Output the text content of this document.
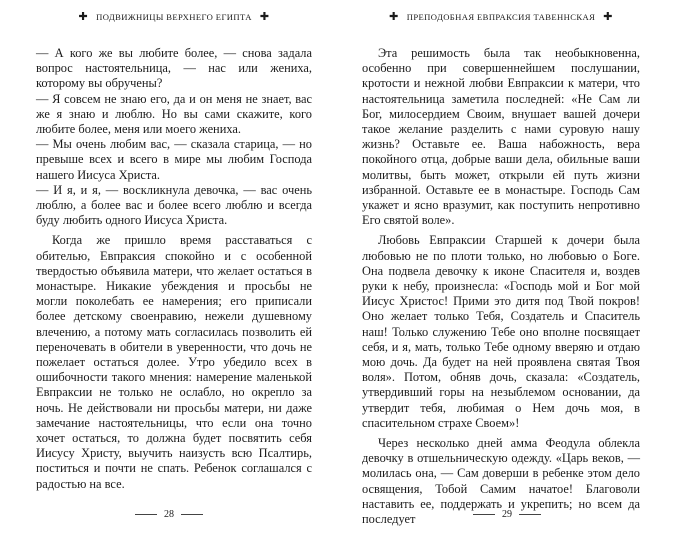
✚ ПОДВИЖНИЦЫ ВЕРХНЕГО ЕГИПТА ✚

— А кого же вы любите более, — снова задала вопрос настоятельница, — нас или жениха, которому вы обручены?

— Я совсем не знаю его, да и он меня не знает, вас же я знаю и люблю. Но вы сами скажите, кого любите более, меня или моего жениха.

— Мы очень любим вас, — сказала старица, — но превыше всех и всего в мире мы любим Господа нашего Иисуса Христа.

— И я, и я, — воскликнула девочка, — вас очень люблю, а более вас и более всего люблю и всегда буду любить одного Иисуса Христа.

Когда же пришло время расставаться с обителью, Евпраксия спокойно и с особенной твердостью объявила матери, что желает остаться в монастыре. Никакие убеждения и просьбы не могли поколебать ее намерения; его приписали более детскому своенравию, нежели душевному влечению, а потому мать согласилась позволить ей переночевать в обители в уверенности, что дочь не пожелает остаться долее. Утро убедило всех в ошибочности такого мнения: намерение маленькой Евпраксии не только не ослабло, но окрепло за ночь. Не действовали ни просьбы матери, ни даже замечание настоятельницы, что если она точно хочет остаться, то должна будет посвятить себя Иисусу Христу, выучить наизусть всю Псалтирь, поститься и почти не спать. Ребенок соглашался с радостью на все.

28
✚ ПРЕПОДОБНАЯ ЕВПРАКСИЯ ТАВЕННСКАЯ ✚

Эта решимость была так необыкновенна, особенно при совершеннейшем послушании, кротости и нежной любви Евпраксии к матери, что настоятельница заметила последней: «Не Сам ли Бог, милосердием Своим, внушает вашей дочери такое желание разделить с нами суровую нашу жизнь? Оставьте ее. Ваша набожность, вера покойного отца, добрые ваши дела, обильные ваши молитвы, быть может, открыли ей путь жизни избранной. Оставьте ее в монастыре. Господь Сам укажет и ясно вразумит, как поступить непротивно Его святой воле».

Любовь Евпраксии Старшей к дочери была любовью не по плоти только, но любовью о Боге. Она подвела девочку к иконе Спасителя и, воздев руки к небу, произнесла: «Господь мой и Бог мой Иисус Христос! Прими это дитя под Твой покров! Оно желает только Тебя, Создатель и Спаситель наш! Только служению Тебе оно вполне посвящает себя, и я, мать, только Тебе одному вверяю и отдаю мою дочь. Да будет на ней проявлена святая Твоя воля». Потом, обняв дочь, сказала: «Создатель, утвердивший горы на незыблемом основании, да утвердит тебя, любимая о Нем дочь моя, в спасительном страхе Своем»!

Через несколько дней амма Феодула облекла девочку в отшельническую одежду. «Царь веков, — молилась она, — Сам доверши в ребенке этом дело освящения, Тобой Самим начатое! Благоволи наставить ее, поддержать и укрепить; но всем да последует	29
